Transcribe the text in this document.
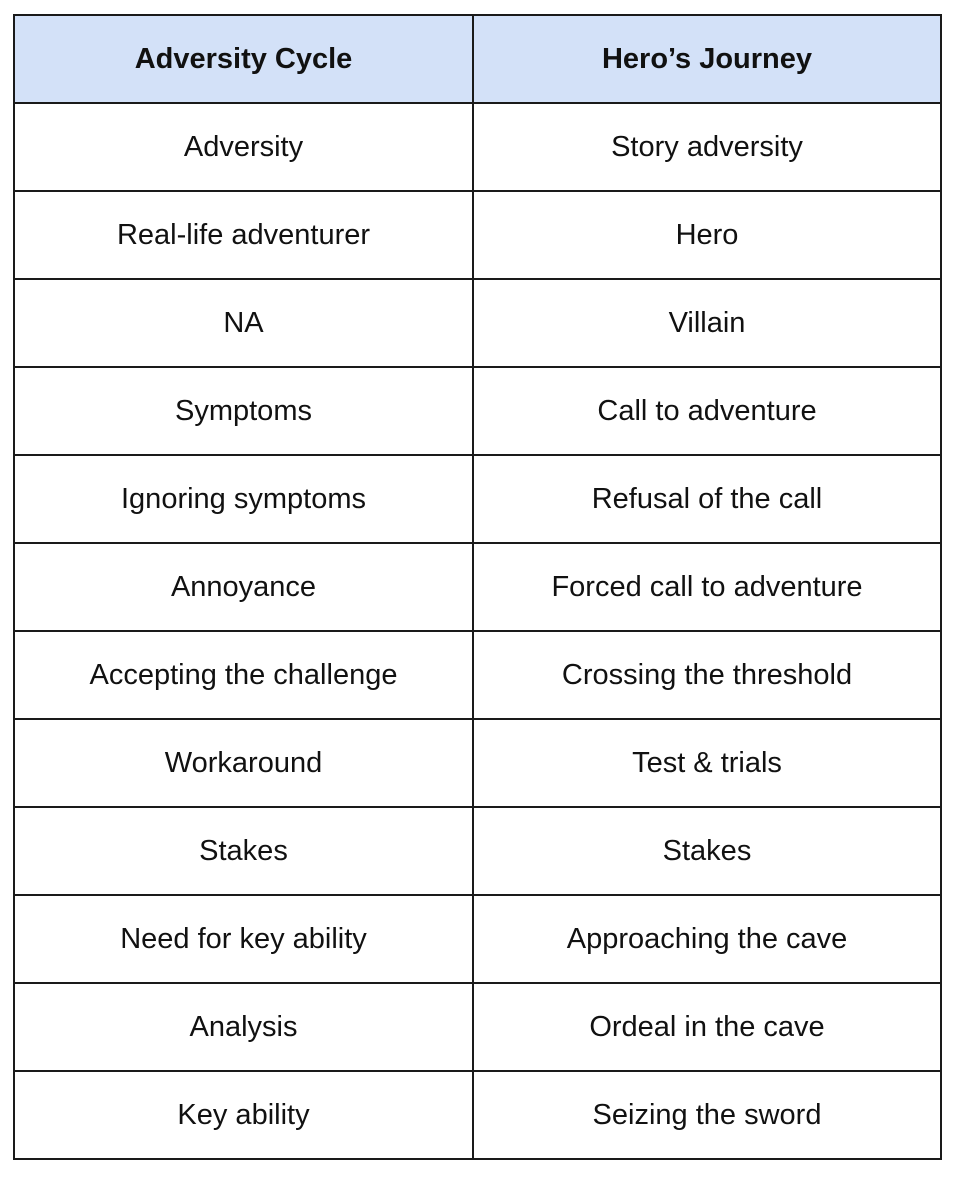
Adversity Cycle	Hero’s Journey
Adversity	Story adversity
Real-life adventurer	Hero
NA	Villain
Symptoms	Call to adventure
Ignoring symptoms	Refusal of the call
Annoyance	Forced call to adventure
Accepting the challenge	Crossing the threshold
Workaround	Test & trials
Stakes	Stakes
Need for key ability	Approaching the cave
Analysis	Ordeal in the cave
Key ability	Seizing the sword
